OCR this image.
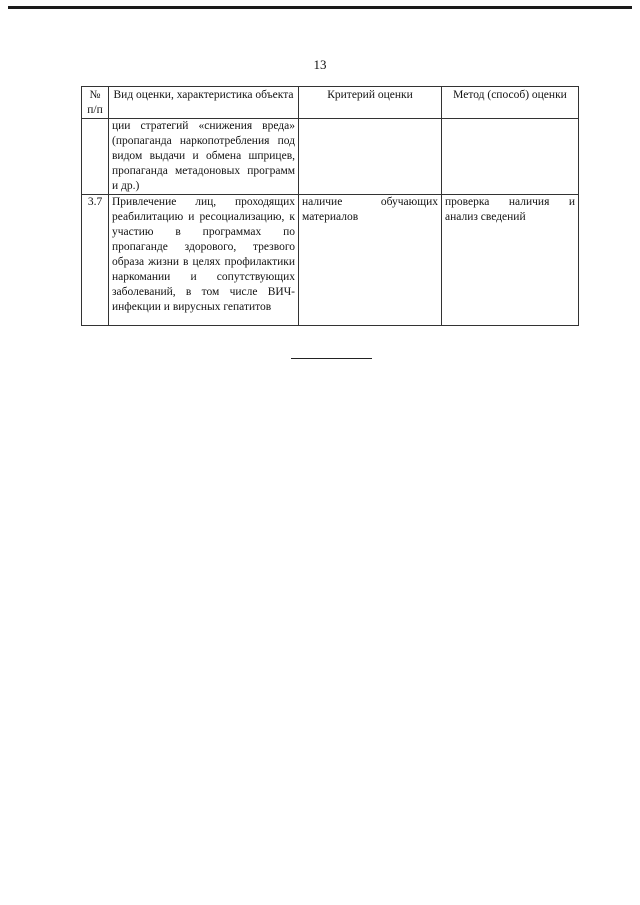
13
№ п/п	Вид оценки, характеристика объекта	Критерий оценки	Метод (способ) оценки
	ции стратегий «снижения вреда» (пропаганда наркопотребления под видом выдачи и обмена шприцев, пропаганда метадоновых программ и др.)		
3.7	Привлечение лиц, проходящих реабилитацию и ресоциализацию, к участию в программах по пропаганде здорового, трезвого образа жизни в целях профилактики наркомании и сопутствующих заболеваний, в том числе ВИЧ-инфекции и вирусных гепатитов	наличие обучающих материалов	проверка наличия и анализ сведений
